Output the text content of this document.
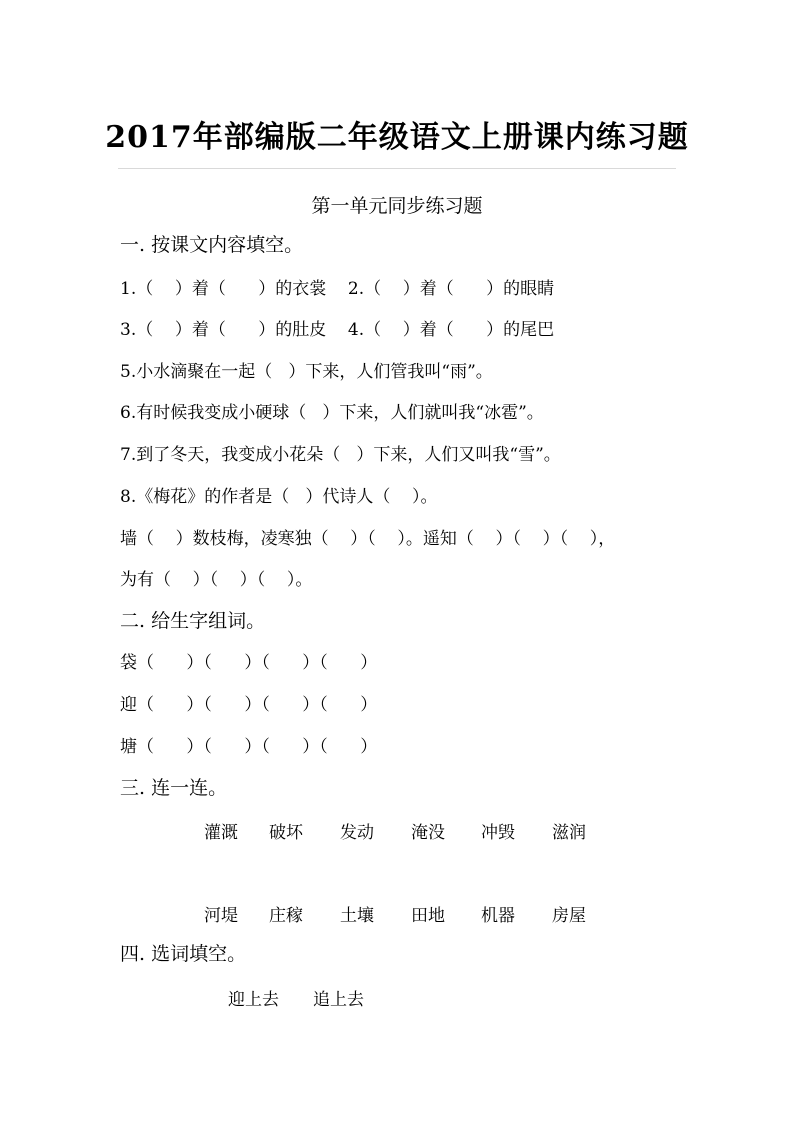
2017年部编版二年级语文上册课内练习题
第一单元同步练习题
一. 按课文内容填空。
1.（    ）着（      ）的衣裳    2.（    ）着（      ）的眼睛
3.（    ）着（      ）的肚皮    4.（    ）着（      ）的尾巴
5.小水滴聚在一起（   ）下来，人们管我叫“雨”。
6.有时候我变成小硬球（   ）下来，人们就叫我“冰雹”。
7.到了冬天，我变成小花朵（   ）下来，人们又叫我“雪”。
8.《梅花》的作者是（   ）代诗人（    ）。
墙（    ）数枝梅，凌寒独（    ）（    ）。遥知（    ）（    ）（    ），
为有（    ）（    ）（    ）。
二. 给生字组词。
袋（      ）（      ）（      ）（      ）
迎（      ）（      ）（      ）（      ）
塘（      ）（      ）（      ）（      ）
三. 连一连。
灌溉 破坏 发动 淹没 冲毁 滋润
河堤 庄稼 土壤 田地 机器 房屋
四. 选词填空。
迎上去 追上去
